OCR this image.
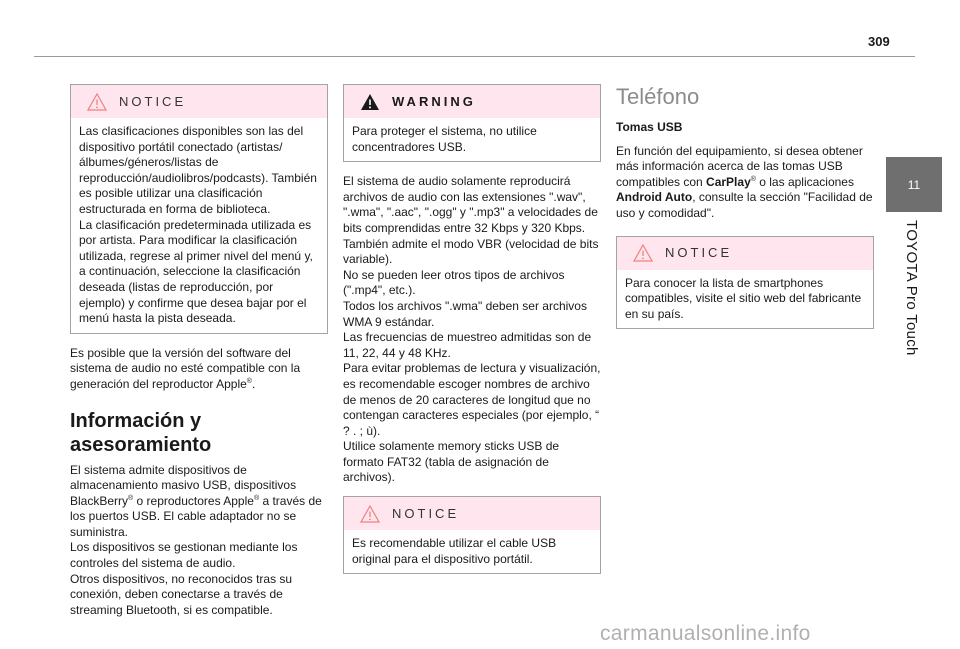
309
11
TOYOTA Pro Touch
NOTICE

Las clasificaciones disponibles son las del dispositivo portátil conectado (artistas/álbumes/géneros/listas de reproducción/audiolibros/podcasts). También es posible utilizar una clasificación estructurada en forma de biblioteca.

La clasificación predeterminada utilizada es por artista. Para modificar la clasificación utilizada, regrese al primer nivel del menú y, a continuación, seleccione la clasificación deseada (listas de reproducción, por ejemplo) y confirme que desea bajar por el menú hasta la pista deseada.

Es posible que la versión del software del sistema de audio no esté compatible con la generación del reproductor Apple®.

Información y asesoramiento

El sistema admite dispositivos de almacenamiento masivo USB, dispositivos BlackBerry® o reproductores Apple® a través de los puertos USB. El cable adaptador no se suministra.

Los dispositivos se gestionan mediante los controles del sistema de audio.

Otros dispositivos, no reconocidos tras su conexión, deben conectarse a través de streaming Bluetooth, si es compatible.

WARNING

Para proteger el sistema, no utilice concentradores USB.

El sistema de audio solamente reproducirá archivos de audio con las extensiones ".wav", ".wma", ".aac", ".ogg" y ".mp3" a velocidades de bits comprendidas entre 32 Kbps y 320 Kbps.

También admite el modo VBR (velocidad de bits variable).

No se pueden leer otros tipos de archivos (".mp4", etc.).

Todos los archivos ".wma" deben ser archivos WMA 9 estándar.

Las frecuencias de muestreo admitidas son de 11, 22, 44 y 48 KHz.

Para evitar problemas de lectura y visualización, es recomendable escoger nombres de archivo de menos de 20 caracteres de longitud que no contengan caracteres especiales (por ejemplo, “ ? . ; ù).

Utilice solamente memory sticks USB de formato FAT32 (tabla de asignación de archivos).

NOTICE

Es recomendable utilizar el cable USB original para el dispositivo portátil.

Teléfono
Tomas USB

En función del equipamiento, si desea obtener más información acerca de las tomas USB compatibles con CarPlay® o las aplicaciones Android Auto, consulte la sección "Facilidad de uso y comodidad".

NOTICE

Para conocer la lista de smartphones compatibles, visite el sitio web del fabricante en su país.

carmanualsonline.info
